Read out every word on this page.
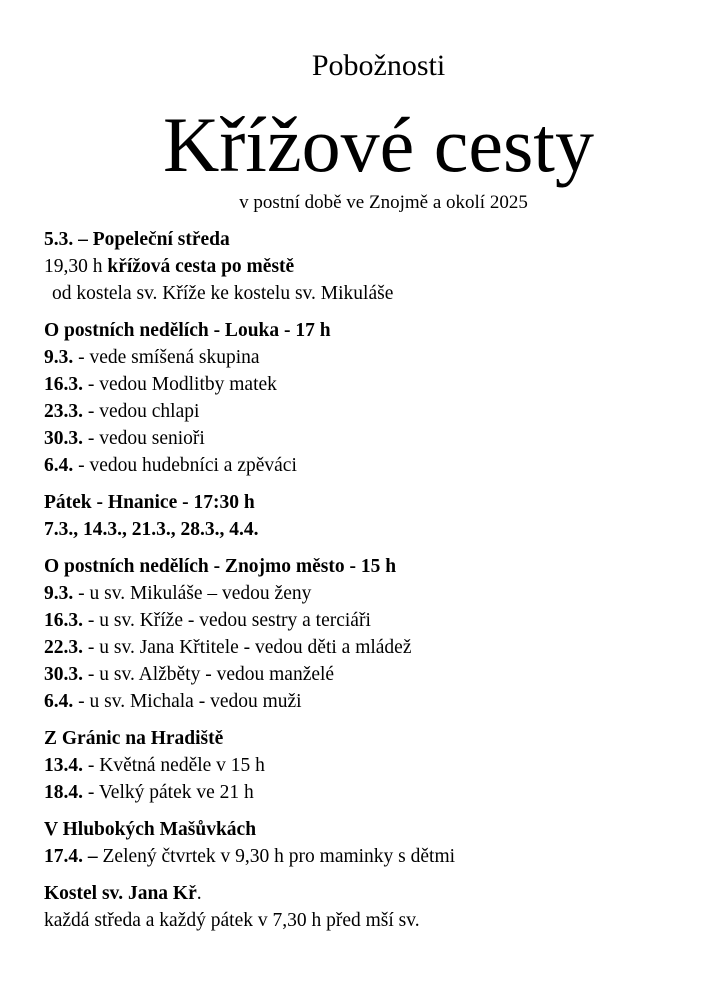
Pobožnosti
Křížové cesty
v postní době ve Znojmě a okolí 2025
5.3. – Popeleční středa
19,30 h křížová cesta po městě
od kostela sv. Kříže ke kostelu sv. Mikuláše
O postních nedělích - Louka - 17 h
9.3. - vede smíšená skupina
16.3. - vedou Modlitby matek
23.3. - vedou chlapi
30.3. - vedou senioři
6.4. - vedou hudebníci a zpěváci
Pátek - Hnanice - 17:30 h
7.3., 14.3., 21.3., 28.3., 4.4.
O postních nedělích - Znojmo město - 15 h
9.3. - u sv. Mikuláše – vedou ženy
16.3. - u sv. Kříže - vedou sestry a terciáři
22.3. - u sv. Jana Křtitele - vedou děti a mládež
30.3. - u sv. Alžběty - vedou manželé
6.4. - u sv. Michala - vedou muži
Z Gránic na Hradiště
13.4. - Květná neděle v 15 h
18.4. - Velký pátek ve 21 h
V Hlubokých Mašůvkách
17.4. – Zelený čtvrtek v 9,30 h pro maminky s dětmi
Kostel sv. Jana Kř.
každá středa a každý pátek v 7,30 h před mší sv.
